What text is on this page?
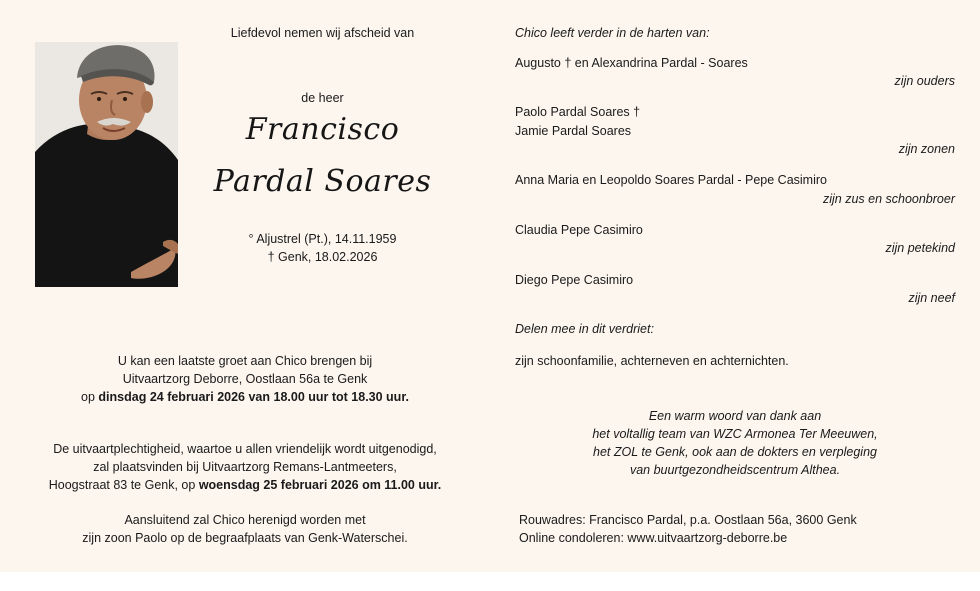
Liefdevol nemen wij afscheid van
de heer
Francisco
Pardal Soares
° Aljustrel (Pt.), 14.11.1959
† Genk, 18.02.2026
U kan een laatste groet aan Chico brengen bij
Uitvaartzorg Deborre, Oostlaan 56a te Genk
op dinsdag 24 februari 2026 van 18.00 uur tot 18.30 uur.
De uitvaartplechtigheid, waartoe u allen vriendelijk wordt uitgenodigd,
zal plaatsvinden bij Uitvaartzorg Remans-Lantmeeters,
Hoogstraat 83 te Genk, op woensdag 25 februari 2026 om 11.00 uur.
Aansluitend zal Chico herenigd worden met
zijn zoon Paolo op de begraafplaats van Genk-Waterschei.
Chico leeft verder in de harten van:
Augusto † en Alexandrina Pardal - Soares
zijn ouders
Paolo Pardal Soares †
Jamie Pardal Soares
zijn zonen
Anna Maria en Leopoldo Soares Pardal - Pepe Casimiro
zijn zus en schoonbroer
Claudia Pepe Casimiro
zijn petekind
Diego Pepe Casimiro
zijn neef
Delen mee in dit verdriet:
zijn schoonfamilie, achterneven en achternichten.
Een warm woord van dank aan
het voltallig team van WZC Armonea Ter Meeuwen,
het ZOL te Genk, ook aan de dokters en verpleging
van buurtgezondheidscentrum Althea.
Rouwadres: Francisco Pardal, p.a. Oostlaan 56a, 3600 Genk
Online condoleren: www.uitvaartzorg-deborre.be
